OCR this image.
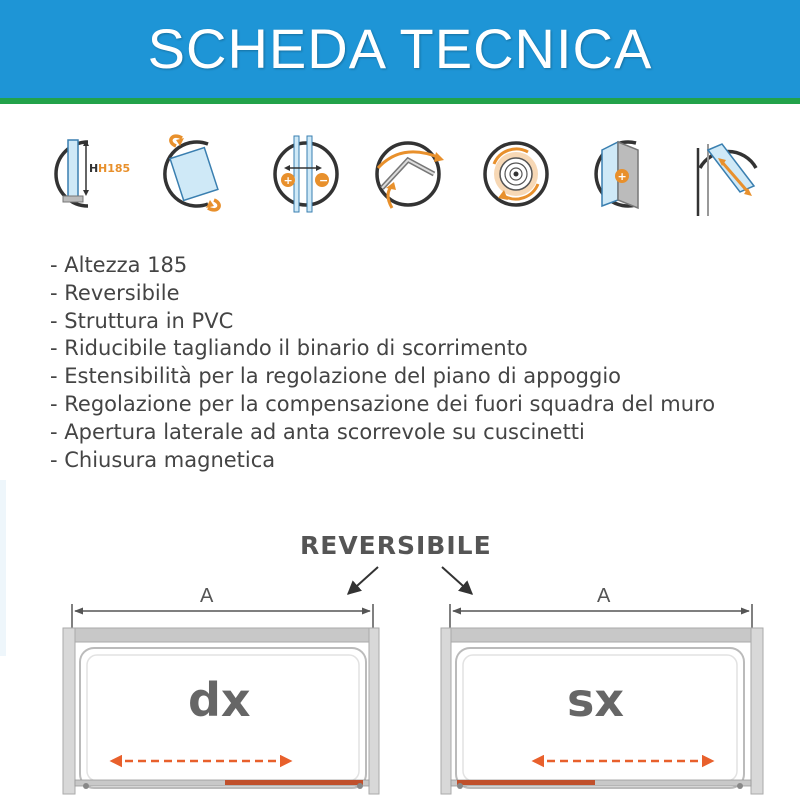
SCHEDA TECNICA
H H185
+ −	+
- Altezza 185
- Reversibile
- Struttura in PVC
- Riducibile tagliando il binario di scorrimento
- Estensibilità per la regolazione del piano di appoggio
- Regolazione per la compensazione dei fuori squadra del muro
- Apertura laterale ad anta scorrevole su cuscinetti
- Chiusura magnetica
REVERSIBILE
A
dx
A
sx
